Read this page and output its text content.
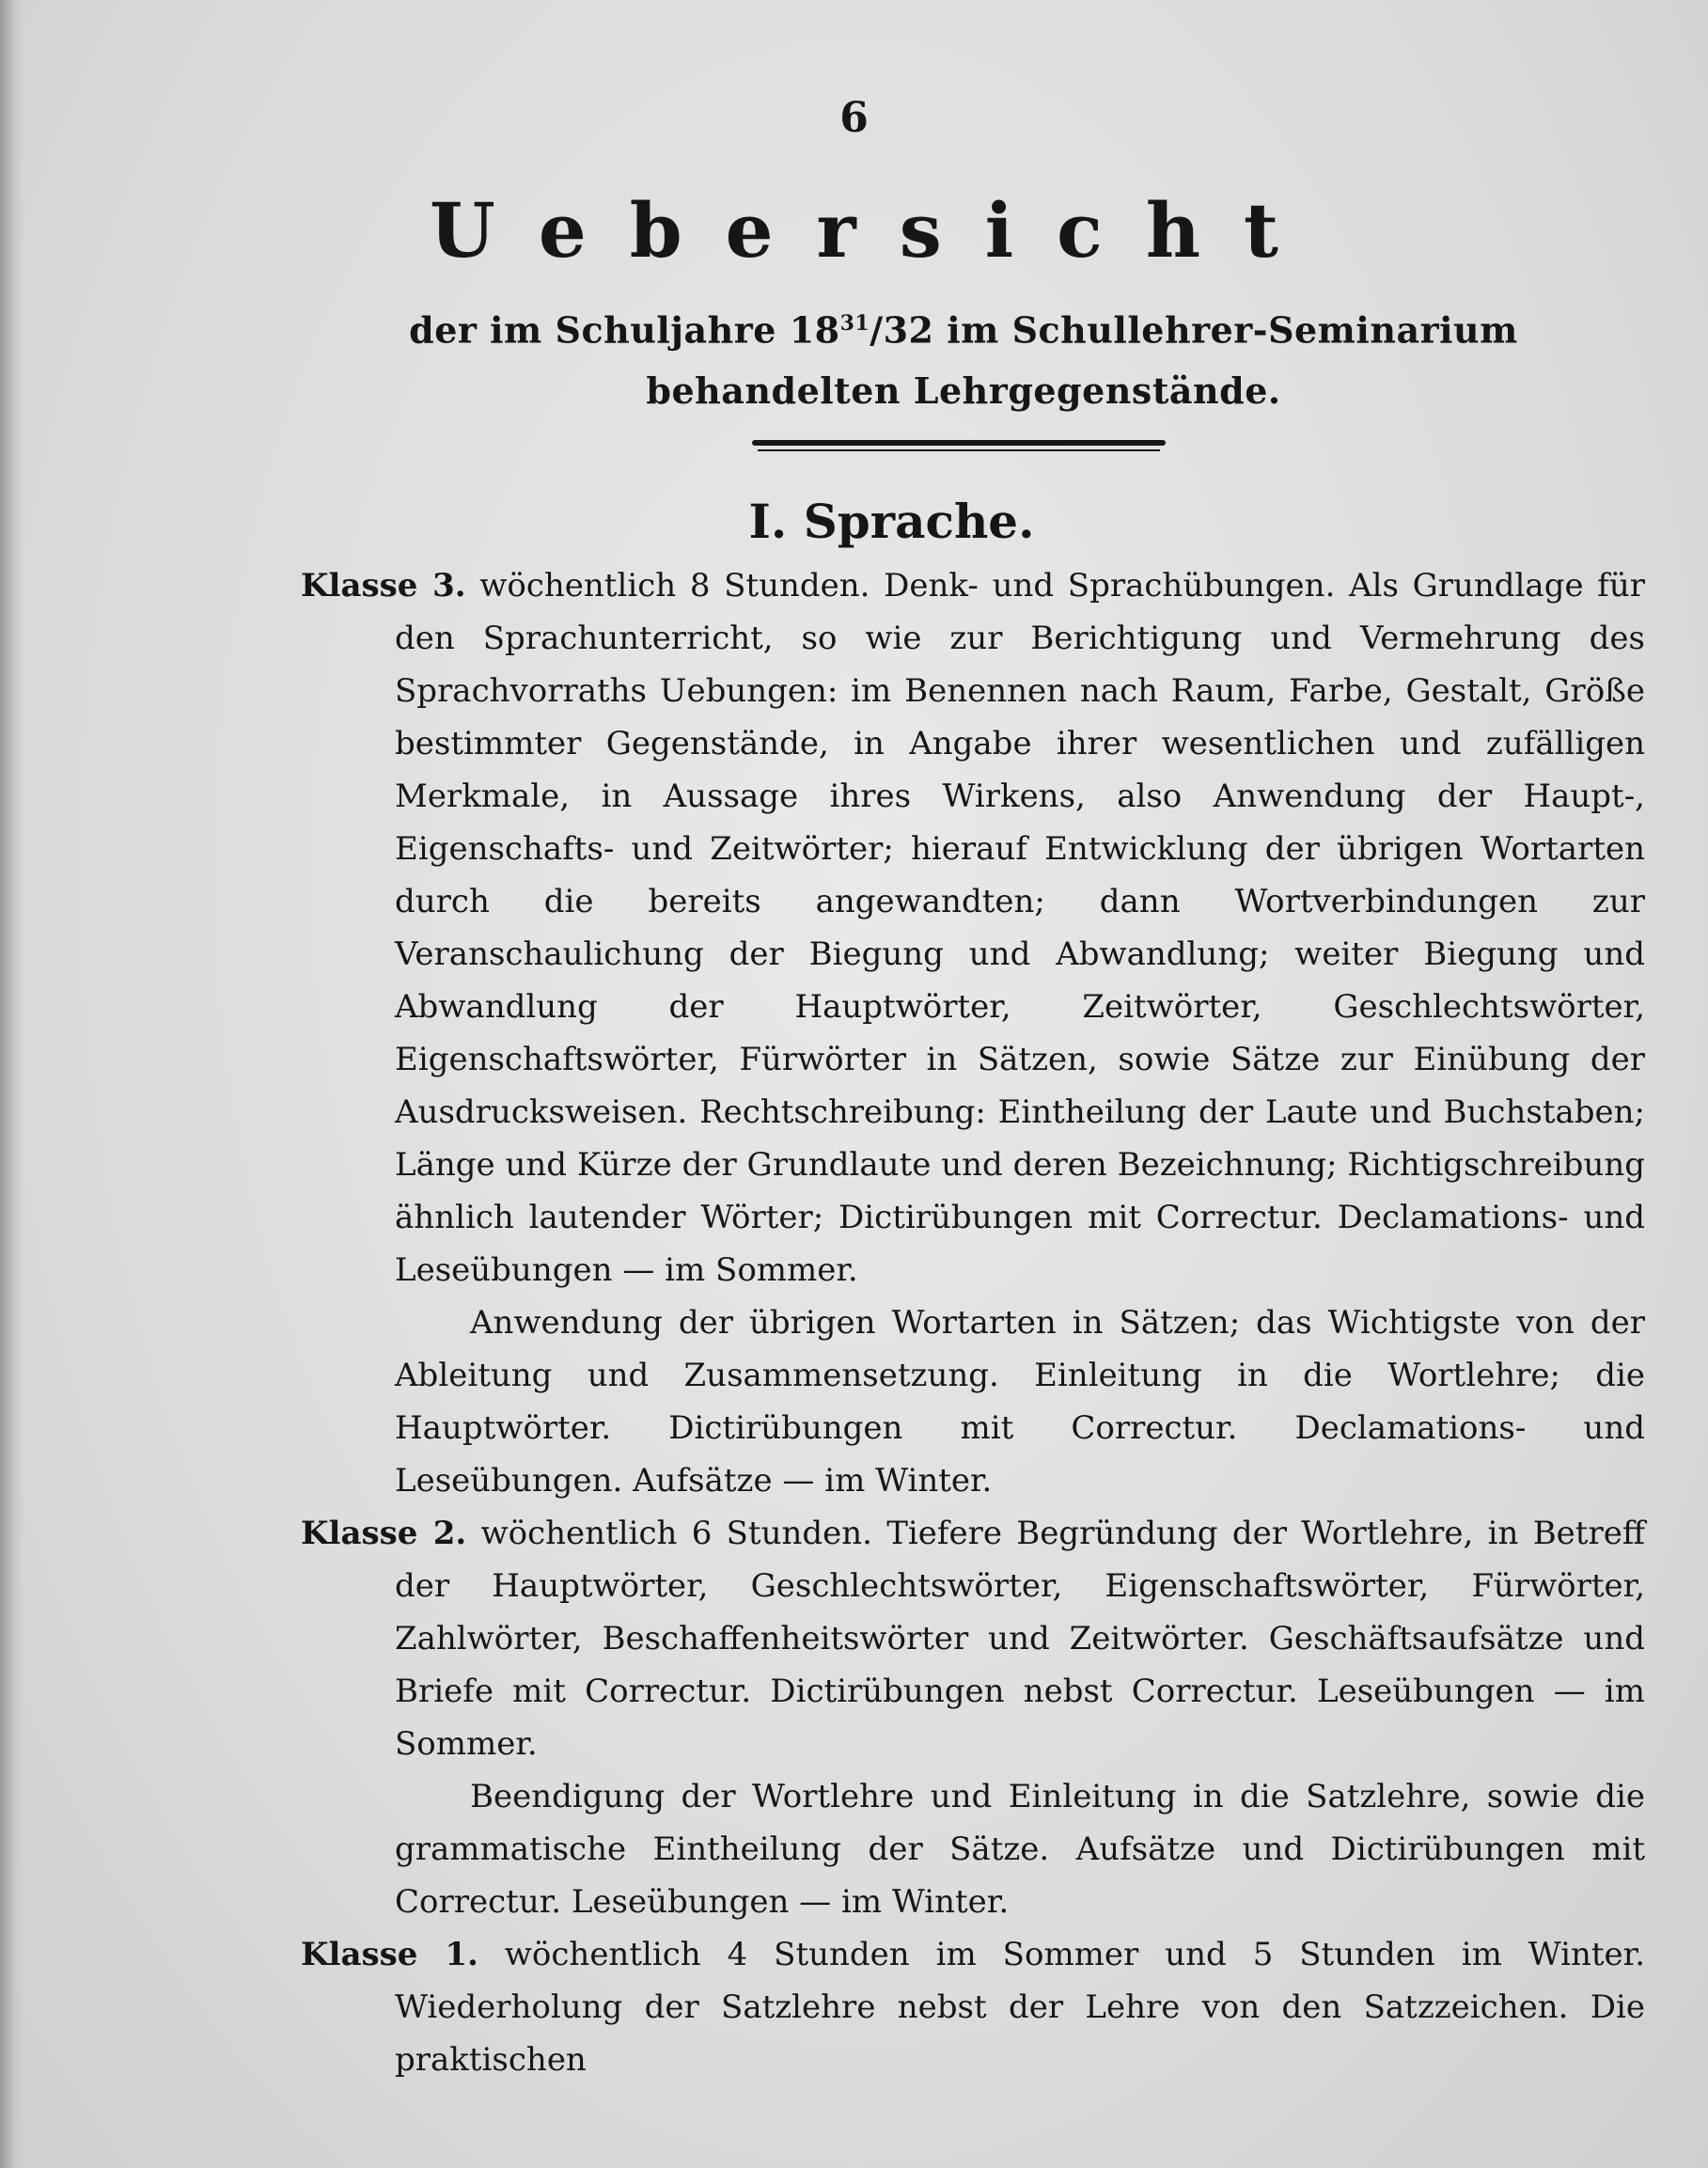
6
Uebersicht
der im Schuljahre 18$^{31}$/32 im Schullehrer-Seminarium behandelten Lehrgegenstände.
I. Sprache.

Klasse 3. wöchentlich 8 Stunden. Denk- und Sprachübungen. Als Grundlage für den Sprachunterricht, so wie zur Berichtigung und Vermehrung des Sprachvorraths Uebungen: im Benennen nach Raum, Farbe, Gestalt, Größe bestimmter Gegenstände, in Angabe ihrer wesentlichen und zufälligen Merkmale, in Aussage ihres Wirkens, also Anwendung der Haupt-, Eigenschafts- und Zeitwörter; hierauf Entwicklung der übrigen Wortarten durch die bereits angewandten; dann Wortverbindungen zur Veranschaulichung der Biegung und Abwandlung; weiter Biegung und Abwandlung der Hauptwörter, Zeitwörter, Geschlechtswörter, Eigenschaftswörter, Fürwörter in Sätzen, sowie Sätze zur Einübung der Ausdrucksweisen. Rechtschreibung: Eintheilung der Laute und Buchstaben; Länge und Kürze der Grundlaute und deren Bezeichnung; Richtigschreibung ähnlich lautender Wörter; Dictirübungen mit Correctur. Declamations- und Leseübungen — im Sommer.

Anwendung der übrigen Wortarten in Sätzen; das Wichtigste von der Ableitung und Zusammensetzung. Einleitung in die Wortlehre; die Hauptwörter. Dictirübungen mit Correctur. Declamations- und Leseübungen. Aufsätze — im Winter.

Klasse 2. wöchentlich 6 Stunden. Tiefere Begründung der Wortlehre, in Betreff der Hauptwörter, Geschlechtswörter, Eigenschaftswörter, Fürwörter, Zahlwörter, Beschaffenheitswörter und Zeitwörter. Geschäftsaufsätze und Briefe mit Correctur. Dictirübungen nebst Correctur. Leseübungen — im Sommer.

Beendigung der Wortlehre und Einleitung in die Satzlehre, sowie die grammatische Eintheilung der Sätze. Aufsätze und Dictirübungen mit Correctur. Leseübungen — im Winter.

Klasse 1. wöchentlich 4 Stunden im Sommer und 5 Stunden im Winter. Wiederholung der Satzlehre nebst der Lehre von den Satzzeichen. Die praktischen
